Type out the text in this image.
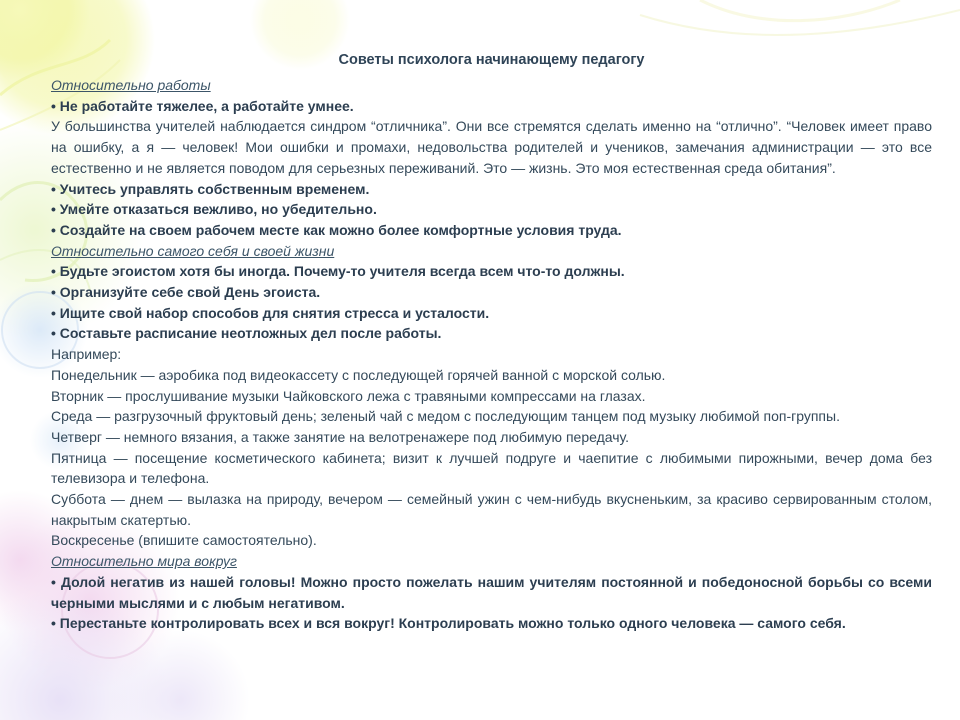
Советы психолога начинающему педагогу
Относительно работы
• Не работайте тяжелее, а работайте умнее.
У большинства учителей наблюдается синдром “отличника”. Они все стремятся сделать именно на “отлично”. “Человек имеет право на ошибку, а я — человек! Мои ошибки и промахи, недовольства родителей и учеников, замечания администрации — это все естественно и не является поводом для серьезных переживаний. Это — жизнь. Это моя естественная среда обитания”.
• Учитесь управлять собственным временем.
• Умейте отказаться вежливо, но убедительно.
• Создайте на своем рабочем месте как можно более комфортные условия труда.
Относительно самого себя и своей жизни
• Будьте эгоистом хотя бы иногда. Почему-то учителя всегда всем что-то должны.
• Организуйте себе свой День эгоиста.
• Ищите свой набор способов для снятия стресса и усталости.
• Составьте расписание неотложных дел после работы.
Например:
Понедельник — аэробика под видеокассету с последующей горячей ванной с морской солью.
Вторник — прослушивание музыки Чайковского лежа с травяными компрессами на глазах.
Среда — разгрузочный фруктовый день; зеленый чай с медом с последующим танцем под музыку любимой поп-группы.
Четверг — немного вязания, а также занятие на велотренажере под любимую передачу.
Пятница — посещение косметического кабинета; визит к лучшей подруге и чаепитие с любимыми пирожными, вечер дома без телевизора и телефона.
Суббота — днем — вылазка на природу, вечером — семейный ужин с чем-нибудь вкусненьким, за красиво сервированным столом, накрытым скатертью.
Воскресенье (впишите самостоятельно).
Относительно мира вокруг
• Долой негатив из нашей головы! Можно просто пожелать нашим учителям постоянной и победоносной борьбы со всеми черными мыслями и с любым негативом.
• Перестаньте контролировать всех и вся вокруг! Контролировать можно только одного человека — самого себя.
